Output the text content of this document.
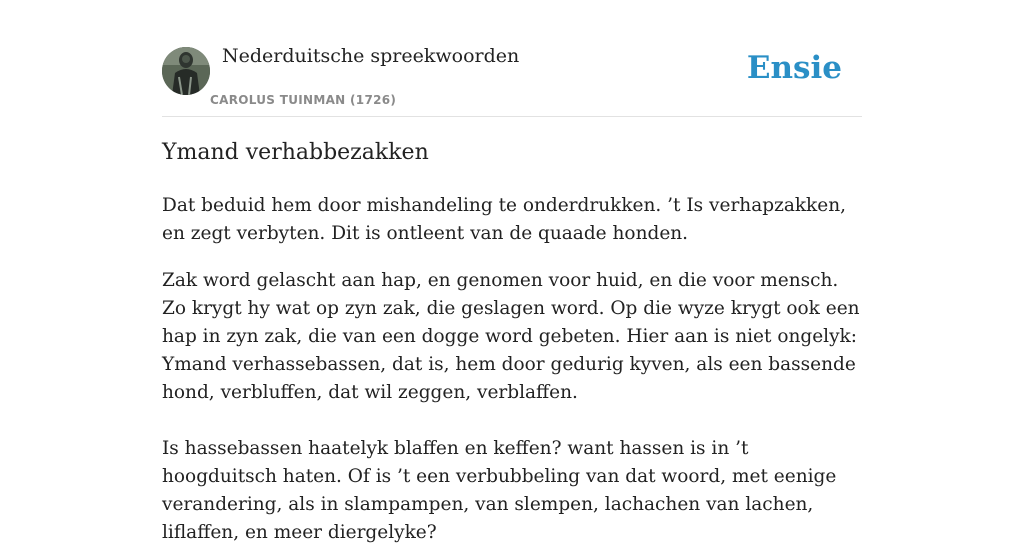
Nederduitsche spreekwoorden
CAROLUS TUINMAN (1726)
Ensie
Ymand verhabbezakken

Dat beduid hem door mishandeling te onderdrukken. ’t Is verhapzakken, en zegt verbyten. Dit is ontleent van de quaade honden.

Zak word gelascht aan hap, en genomen voor huid, en die voor mensch. Zo krygt hy wat op zyn zak, die geslagen word. Op die wyze krygt ook een hap in zyn zak, die van een dogge word gebeten. Hier aan is niet ongelyk: Ymand verhassebassen, dat is, hem door gedurig kyven, als een bassende hond, verbluffen, dat wil zeggen, verblaffen.

Is hassebassen haatelyk blaffen en keffen? want hassen is in ’t hoogduitsch haten. Of is ’t een verbubbeling van dat woord, met eenige verandering, als in slampampen, van slempen, lachachen van lachen, liflaffen, en meer diergelyke?
